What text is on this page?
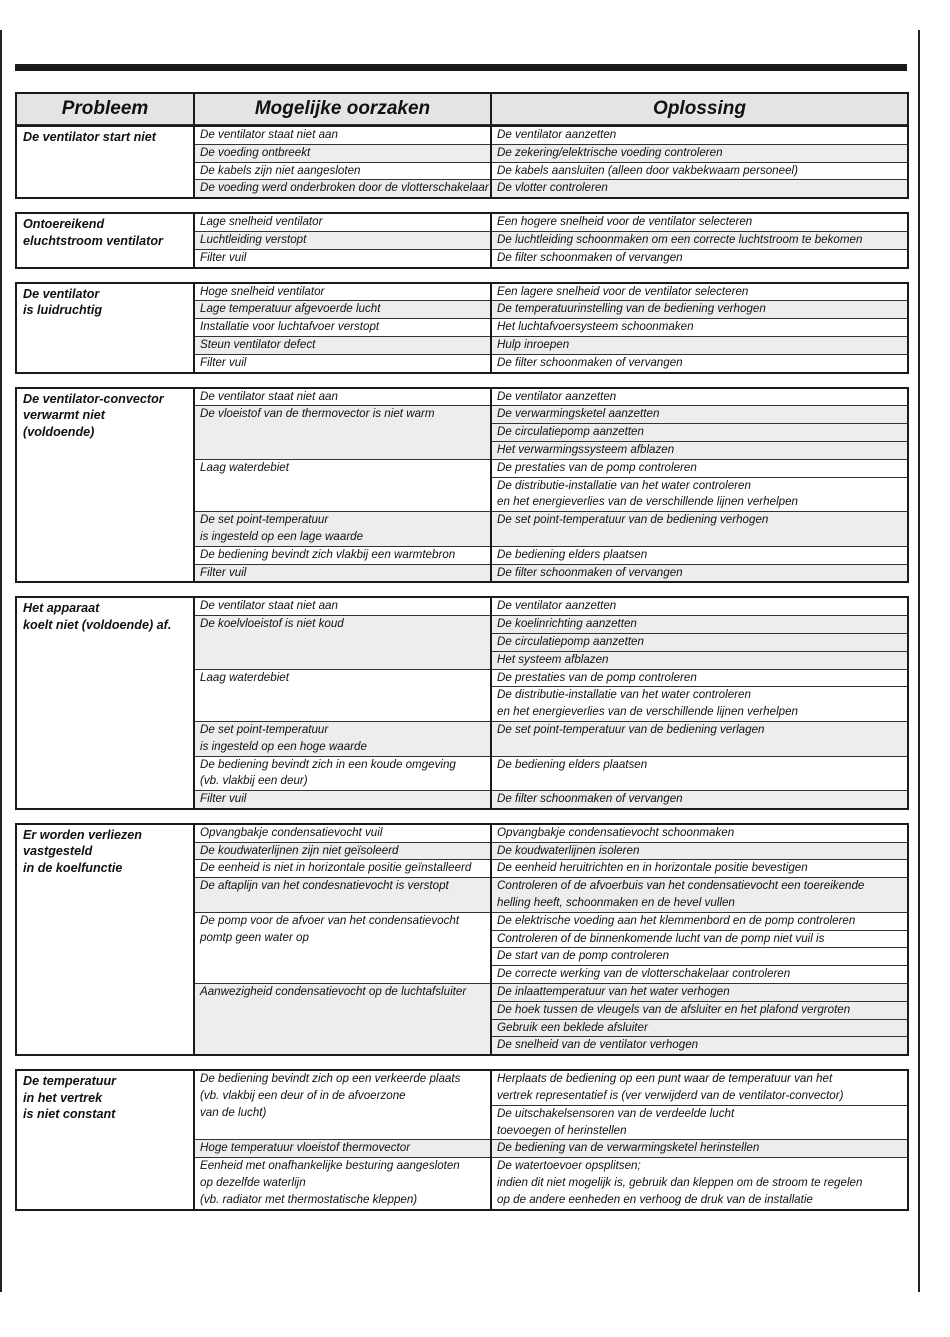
Probleem	Mogelijke oorzaken	Oplossing
De ventilator start niet	De ventilator staat niet aan	De ventilator aanzetten

	De voeding ontbreekt	De zekering/elektrische voeding controleren

	De kabels zijn niet aangesloten	De kabels aansluiten (alleen door vakbekwaam personeel)

	De voeding werd onderbroken door de vlotterschakelaar	De vlotter controleren
Ontoereikend
eluchtstroom ventilator	Lage snelheid ventilator	Een hogere snelheid voor de ventilator selecteren

	Luchtleiding verstopt	De luchtleiding schoonmaken om een correcte luchtstroom te bekomen

	Filter vuil	De filter schoonmaken of vervangen
De ventilator
is luidruchtig	Hoge snelheid ventilator	Een lagere snelheid voor de ventilator selecteren

	Lage temperatuur afgevoerde lucht	De temperatuurinstelling van de bediening verhogen

	Installatie voor luchtafvoer verstopt	Het luchtafvoersysteem schoonmaken

	Steun ventilator defect	Hulp inroepen

	Filter vuil	De filter schoonmaken of vervangen
De ventilator-convector
verwarmt niet
(voldoende)	De ventilator staat niet aan	De ventilator aanzetten

	De vloeistof van de thermovector is niet warm	De verwarmingsketel aanzetten

		De circulatiepomp aanzetten

		Het verwarmingssysteem afblazen

	Laag waterdebiet	De prestaties van de pomp controleren

		De distributie-installatie van het water controleren
en het energieverlies van de verschillende lijnen verhelpen

	De set point-temperatuur
is ingesteld op een lage waarde	De set point-temperatuur van de bediening verhogen

	De bediening bevindt zich vlakbij een warmtebron	De bediening elders plaatsen

	Filter vuil	De filter schoonmaken of vervangen
Het apparaat
koelt niet (voldoende) af.	De ventilator staat niet aan	De ventilator aanzetten

	De koelvloeistof is niet koud	De koelinrichting aanzetten

		De circulatiepomp aanzetten

		Het systeem afblazen

	Laag waterdebiet	De prestaties van de pomp controleren

		De distributie-installatie van het water controleren
en het energieverlies van de verschillende lijnen verhelpen

	De set point-temperatuur
is ingesteld op een hoge waarde	De set point-temperatuur van de bediening verlagen

	De bediening bevindt zich in een koude omgeving
(vb. vlakbij een deur)	De bediening elders plaatsen

	Filter vuil	De filter schoonmaken of vervangen
Er worden verliezen
vastgesteld
in de koelfunctie	Opvangbakje condensatievocht vuil	Opvangbakje condensatievocht schoonmaken

	De koudwaterlijnen zijn niet geïsoleerd	De koudwaterlijnen isoleren

	De eenheid is niet in horizontale positie geïnstalleerd	De eenheid heruitrichten en in horizontale positie bevestigen

	De aftaplijn van het condesnatievocht is verstopt	Controleren of de afvoerbuis van het condensatievocht een toereikende
helling heeft, schoonmaken en de hevel vullen

	De pomp voor de afvoer van het condensatievocht
pomtp geen water op	De elektrische voeding aan het klemmenbord en de pomp controleren

		Controleren of de binnenkomende lucht van de pomp niet vuil is

		De start van de pomp controleren

		De correcte werking van de vlotterschakelaar controleren

	Aanwezigheid condensatievocht op de luchtafsluiter	De inlaattemperatuur van het water verhogen

		De hoek tussen de vleugels van de afsluiter en het plafond vergroten

		Gebruik een beklede afsluiter

		De snelheid van de ventilator verhogen
De temperatuur
in het vertrek
is niet constant	De bediening bevindt zich op een verkeerde plaats
(vb. vlakbij een deur of in de afvoerzone
van de lucht)	Herplaats de bediening op een punt waar de temperatuur van het
vertrek representatief is (ver verwijderd van de ventilator-convector)

		De uitschakelsensoren van de verdeelde lucht
toevoegen of herinstellen

	Hoge temperatuur vloeistof thermovector	De bediening van de verwarmingsketel herinstellen

	Eenheid met onafhankelijke besturing aangesloten
op dezelfde waterlijn
(vb. radiator met thermostatische kleppen)	De watertoevoer opsplitsen;
indien dit niet mogelijk is, gebruik dan kleppen om de stroom te regelen
op de andere eenheden en verhoog de druk van de installatie
